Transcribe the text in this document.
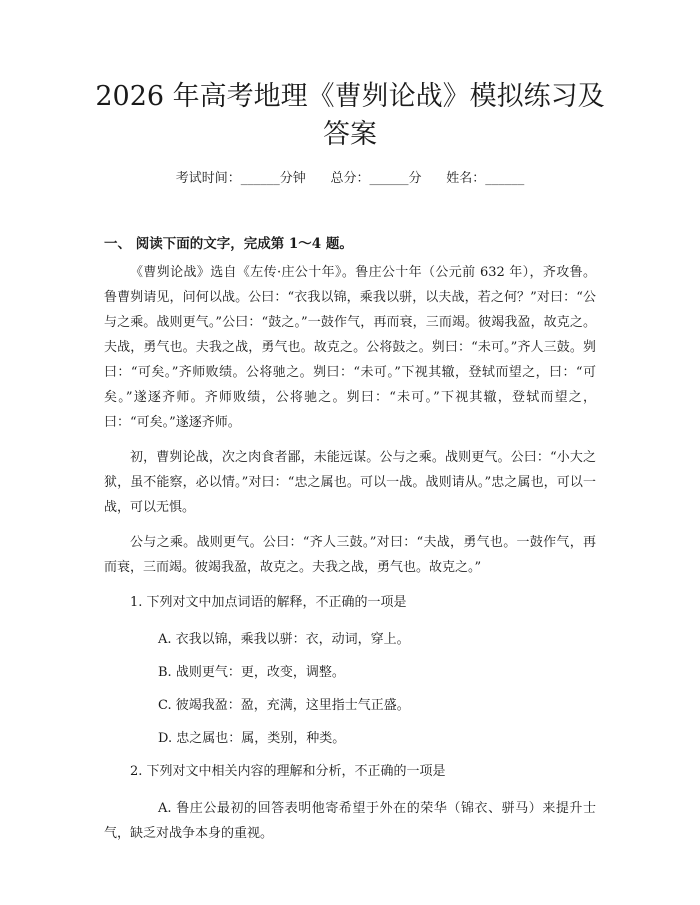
2026 年高考地理《曹刿论战》模拟练习及答案
考试时间：______分钟      总分：______分      姓名：______
一、 阅读下面的文字，完成第 1～4 题。

《曹刿论战》选自《左传·庄公十年》。鲁庄公十年（公元前 632 年），齐攻鲁。鲁曹刿请见，问何以战。公曰：“衣我以锦，乘我以骈，以夫战，若之何？”对曰：“公与之乘。战则更气。”公曰：“鼓之。”一鼓作气，再而衰，三而竭。彼竭我盈，故克之。夫战，勇气也。夫我之战，勇气也。故克之。公将鼓之。刿曰：“未可。”齐人三鼓。刿曰：“可矣。”齐师败绩。公将驰之。刿曰：“未可。”下视其辙，登轼而望之，曰：“可矣。”遂逐齐师。齐师败绩，公将驰之。刿曰：“未可。”下视其辙，登轼而望之，曰：“可矣。”遂逐齐师。

初，曹刿论战，次之肉食者鄙，未能远谋。公与之乘。战则更气。公曰：“小大之狱，虽不能察，必以情。”对曰：“忠之属也。可以一战。战则请从。”忠之属也，可以一战，可以无惧。

公与之乘。战则更气。公曰：“齐人三鼓。”对曰：“夫战，勇气也。一鼓作气，再而衰，三而竭。彼竭我盈，故克之。夫我之战，勇气也。故克之。”

1. 下列对文中加点词语的解释，不正确的一项是

A. 衣我以锦，乘我以骈：衣，动词，穿上。

B. 战则更气：更，改变，调整。

C. 彼竭我盈：盈，充满，这里指士气正盛。

D. 忠之属也：属，类别，种类。

2. 下列对文中相关内容的理解和分析，不正确的一项是

A. 鲁庄公最初的回答表明他寄希望于外在的荣华（锦衣、骈马）来提升士气，缺乏对战争本身的重视。
